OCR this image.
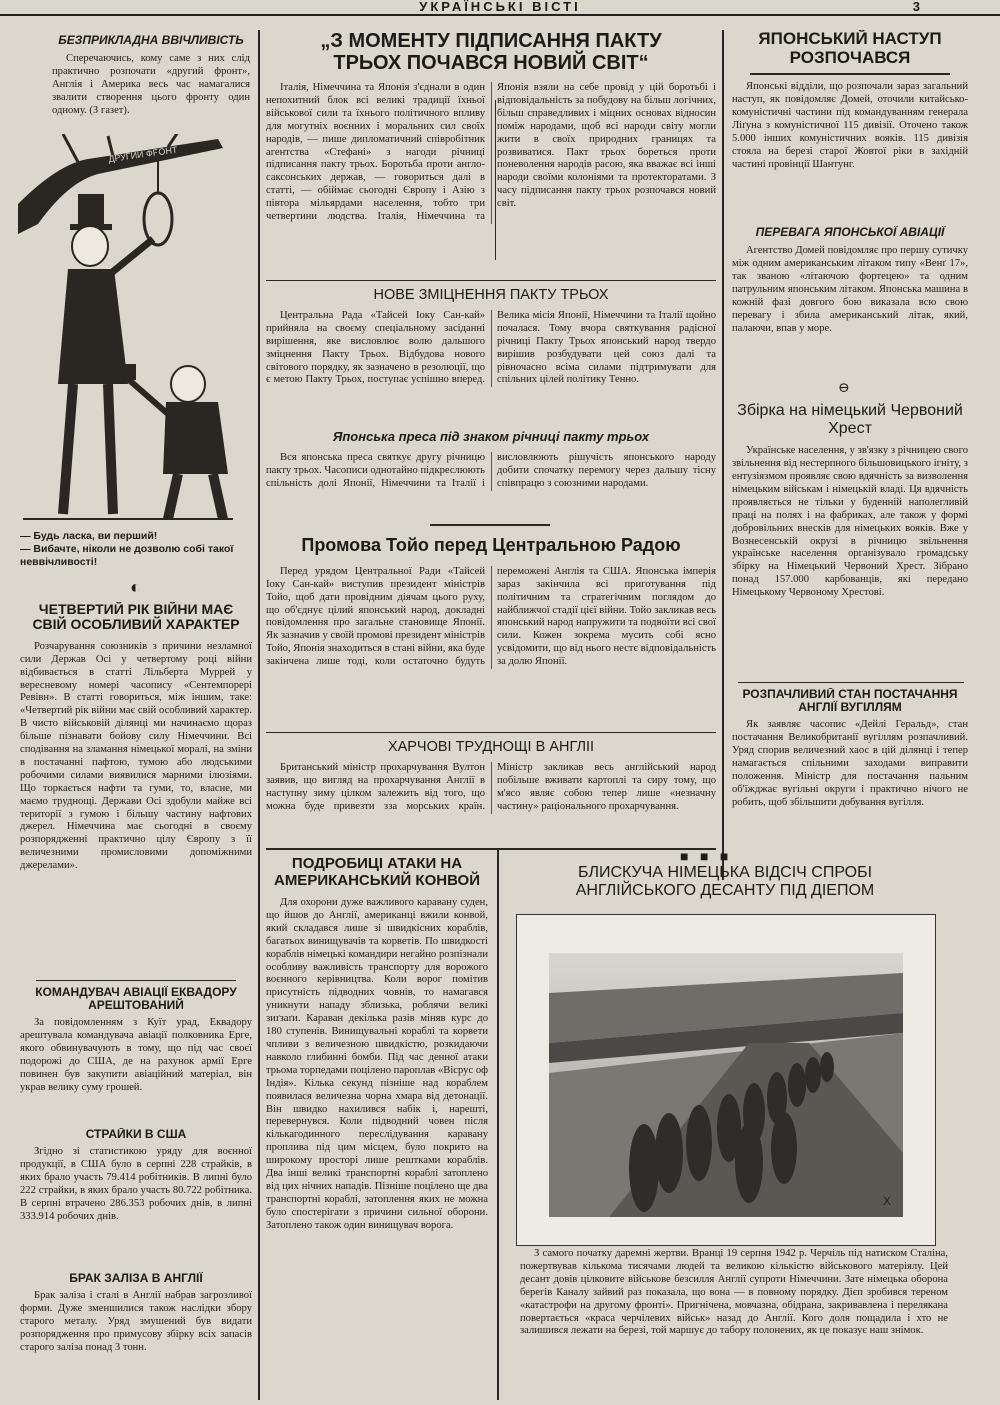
УКРАЇНСЬКІ ВІСТІ	3
БЕЗПРИКЛАДНА ВВІЧЛИВІСТЬ

Сперечаючись, кому саме з них слід практично розпочати «другий фронт», Англія і Америка весь час намагалися звалити створення цього фронту один одному. (З газет).

ДРУГИЙ ФРОНТ

— Будь ласка, ви перший!

— Вибачте, ніколи не дозволю собі такої неввічливості!

◐
ЧЕТВЕРТИЙ РІК ВІЙНИ МАЄ СВІЙ ОСОБЛИВИЙ ХАРАКТЕР

Розчарування союзників з причини незламної сили Держав Осі у четвертому році війни відбивається в статті Лільберта Муррей у вересневому номері часопису «Сентемпорері Ревівн». В статті говориться, між іншим, таке: «Четвертий рік війни має свій особливий характер. В чисто військовій ділянці ми начинаємо щораз більше пізнавати бойову силу Німеччини. Всі сподівання на зламання німецької моралі, на зміни в постачанні пафтою, тумою або людськими робочими силами виявилися марними ілюзіями. Що торкається нафти та гуми, то, власне, ми маємо труднощі. Держави Осі здобули майже всі території з гумою і більшу частину нафтових джерел. Німеччина має сьогодні в своєму розпорядженні практично цілу Європу з її величезними промисловими допоміжними джерелами».

КОМАНДУВАЧ АВІАЦІЇ ЕКВАДОРУ АРЕШТОВАНИЙ

За повідомленням з Куїт урад, Еквадору арештувала командувача авіації полковника Ерге, якого обвинувачують в тому, що під час своєї подорожі до США, де на рахунок армії Ерге повинен був закупити авіаційний матеріал, він украв велику суму грошей.

СТРАЙКИ В США

Згідно зі статистикою уряду для воєнної продукції, в США було в серпні 228 страйків, в яких брало участь 79.414 робітників. В липні було 222 страйки, в яких брало участь 80.722 робітника. В серпні втрачено 286.353 робочих днів, в липні 333.914 робочих днів.

БРАК ЗАЛІЗА В АНГЛІЇ

Брак заліза і сталі в Англії набрав загрозливої форми. Дуже зменшилися також наслідки збору старого металу. Уряд змушений був видати розпорядження про примусову збірку всіх запасів старого заліза понад 3 тонн.

„З МОМЕНТУ ПІДПИСАННЯ ПАКТУ ТРЬОХ ПОЧАВСЯ НОВИЙ СВІТ“

Італія, Німеччина та Японія з'єднали в один непохитний блок всі великі традиції їхньої військової сили та їхнього політичного впливу для могутніх воєнних і моральних сил своїх народів, — пише дипломатичний співробітник агентства «Стефані» з нагоди річниці підписання пакту трьох. Боротьба проти англо-саксонських держав, — говориться далі в статті, — обіймає сьогодні Європу і Азію з півтора мільярдами населення, тобто три четвертини людства. Італія, Німеччина та Японія взяли на себе провід у цій боротьбі і відповідальність за побудову на більш логічних, більш справедливих і міцних основах відносин поміж народами, щоб всі народи світу могли жити в своїх природних границях та розвиватися. Пакт трьох бореться проти поневолення народів расою, яка вважає всі інші народи своїми колоніями та протекторатами. З часу підписання пакту трьох розпочався новий світ.

НОВЕ ЗМІЦНЕННЯ ПАКТУ ТРЬОХ

Центральна Рада «Тайсей Іоку Сан-кай» прийняла на своєму спеціальному засіданні вирішення, яке висловлює волю дальшого зміцнення Пакту Трьох. Відбудова нового світового порядку, як зазначено в резолюції, що є метою Пакту Трьох, поступає успішно вперед. Велика місія Японії, Німеччини та Італії щойно почалася. Тому вчора святкування радісної річниці Пакту Трьох японський народ твердо вирішив розбудувати цей союз далі та рівночасно всіма силами підтримувати для спільних цілей політику Тенно.

Японська преса під знаком річниці пакту трьох

Вся японська преса святкує другу річницю пакту трьох. Часописи однотайно підкреслюють спільність долі Японії, Німеччини та Італії і висловлюють рішучість японського народу добити спочатку перемогу через дальшу тісну співпрацю з союзними народами.

Промова Тойо перед Центральною Радою

Перед урядом Центральної Ради «Тайсей Іоку Сан-кай» виступив президент міністрів Тойо, щоб дати провідним діячам цього руху, що об'єднує цілий японський народ, докладні повідомлення про загальне становище Японії. Як зазначив у своїй промові президент міністрів Тойо, Японія знаходиться в стані війни, яка буде закінчена лише тоді, коли остаточно будуть переможені Англія та США. Японська імперія зараз закінчила всі приготування під політичним та стратегічним поглядом до найближчої стадії цієї війни. Тойо закликав весь японський народ напружити та подвоїти всі свої сили. Кожен зокрема мусить собі ясно усвідомити, що від нього нестє відповідальність за долю Японії.

ХАРЧОВІ ТРУДНОЩІ В АНГЛІЇ

Британський міністр прохарчування Вултон заявив, що вигляд на прохарчування Англії в наступну зиму цілком залежить від того, що можна буде привезти зза морських країн. Міністр закликав весь англійський народ побільше вживати картоплі та сиру тому, що м'ясо являє собою тепер лише «незначну частину» раціонального прохарчування.

ПОДРОБИЦІ АТАКИ НА АМЕРИКАНСЬКИЙ КОНВОЙ

Для охорони дуже важливого каравану суден, що йшов до Англії, американці вжили конвой, який складався лише зі швидкісних кораблів, багатьох винищувачів та корветів. По швидкості кораблів німецькі командири негайно розпізнали особливу важливість транспорту для ворожого воєнного керівництва. Коли ворог помітив присутність підводних човнів, то намагався уникнути нападу зблизька, роблячи великі зиґзаґи. Караван декілька разів міняв курс до 180 ступенів. Винищувальні кораблі та корвети чпливи з величезною швидкістю, розкидаючи навколо глибинні бомби. Під час денної атаки трьома торпедами поцілено пароплав «Вісрус оф Індія». Кілька секунд пізніше над кораблем появилася величезна чорна хмара від детонації. Він швидко нахилився набік і, нарешті, перевернувся. Коли підводний човен після кількагодинного переслідування каравану проплива під цим місцем, було покрито на широкому просторі лише рештками кораблів. Два інші великі транспортні кораблі затоплено від цих нічних нападів. Пізніше поцілено ще два транспортні кораблі, затоплення яких не можна було спостерігати з причини сильної оборони. Затоплено також один винищувач ворога.

ЯПОНСЬКИЙ НАСТУП РОЗПОЧАВСЯ

Японські відділи, що розпочали зараз загальний наступ, як повідомляє Домей, оточили китайсько-комуністичні частини під командуванням генерала Ліґуна з комуністичної 115 дивізії. Оточено також 5.000 інших комуністичних вояків. 115 дивізія стояла на березі старої Жовтої ріки в західній частині провінції Шантунг.

ПЕРЕВАГА ЯПОНСЬКОЇ АВІАЦІЇ

Агентство Домей повідомляє про першу сутичку між одним американським літаком типу «Венґ 17», так званою «літаючою фортецею» та одним патрульним японським літаком. Японська машина в кожній фазі довгого бою виказала всю свою перевагу і збила американський літак, який, палаючи, впав у море.

⊖
Збірка на німецький Червоний Хрест

Українське населення, у зв'язку з річницею свого звільнення від нестерпного більшовицького ігніту, з ентузіязмом проявляє свою вдячність за визволення німецьким військам і німецькій владі. Ця вдячність проявляється не тільки у буденній наполегливій праці на полях і на фабриках, але також у формі добровільних внесків для німецьких вояків. Вже у Вознесенській окрузі в річницю звільнення українське населення організувало громадську збірку на Німецький Червоний Хрест. Зібрано понад 157.000 карбованців, які передано Німецькому Червоному Хрестові.

РОЗПАЧЛИВИЙ СТАН ПОСТАЧАННЯ АНГЛІЇ ВУГІЛЛЯМ

Як заявляє часопис «Дейлі Геральд», стан постачання Великобританії вугіллям розпачливий. Уряд спорив величезний хаос в цій ділянці і тепер намагається спільними заходами виправити положення. Міністр для постачання пальним об'їжджає вугільні округи і практично нічого не робить, щоб збільшити добування вугілля.

■ ■ ■
БЛИСКУЧА НІМЕЦЬКА ВІДСІЧ СПРОБІ АНГЛІЙСЬКОГО ДЕСАНТУ ПІД ДІЕПОМ
X

З самого початку даремні жертви. Вранці 19 серпня 1942 р. Черчіль під натиском Сталіна, пожертвував кількома тисячами людей та великою кількістю військового матеріялу. Цей десант довів цілковите військове безсилля Англії супроти Німеччини. Зате німецька оборона берегів Каналу зайвий раз показала, що вона — в повному порядку. Дієп зробився тереном «катастрофи на другому фронті». Пригнічена, мовчазна, обідрана, закривавлена і переляканa повертається «краса черчілевих військ» назад до Англії. Кого доля пощадила і хто не залишився лежати на березі, той маршує до табору полонених, як це показує наш знімок.
